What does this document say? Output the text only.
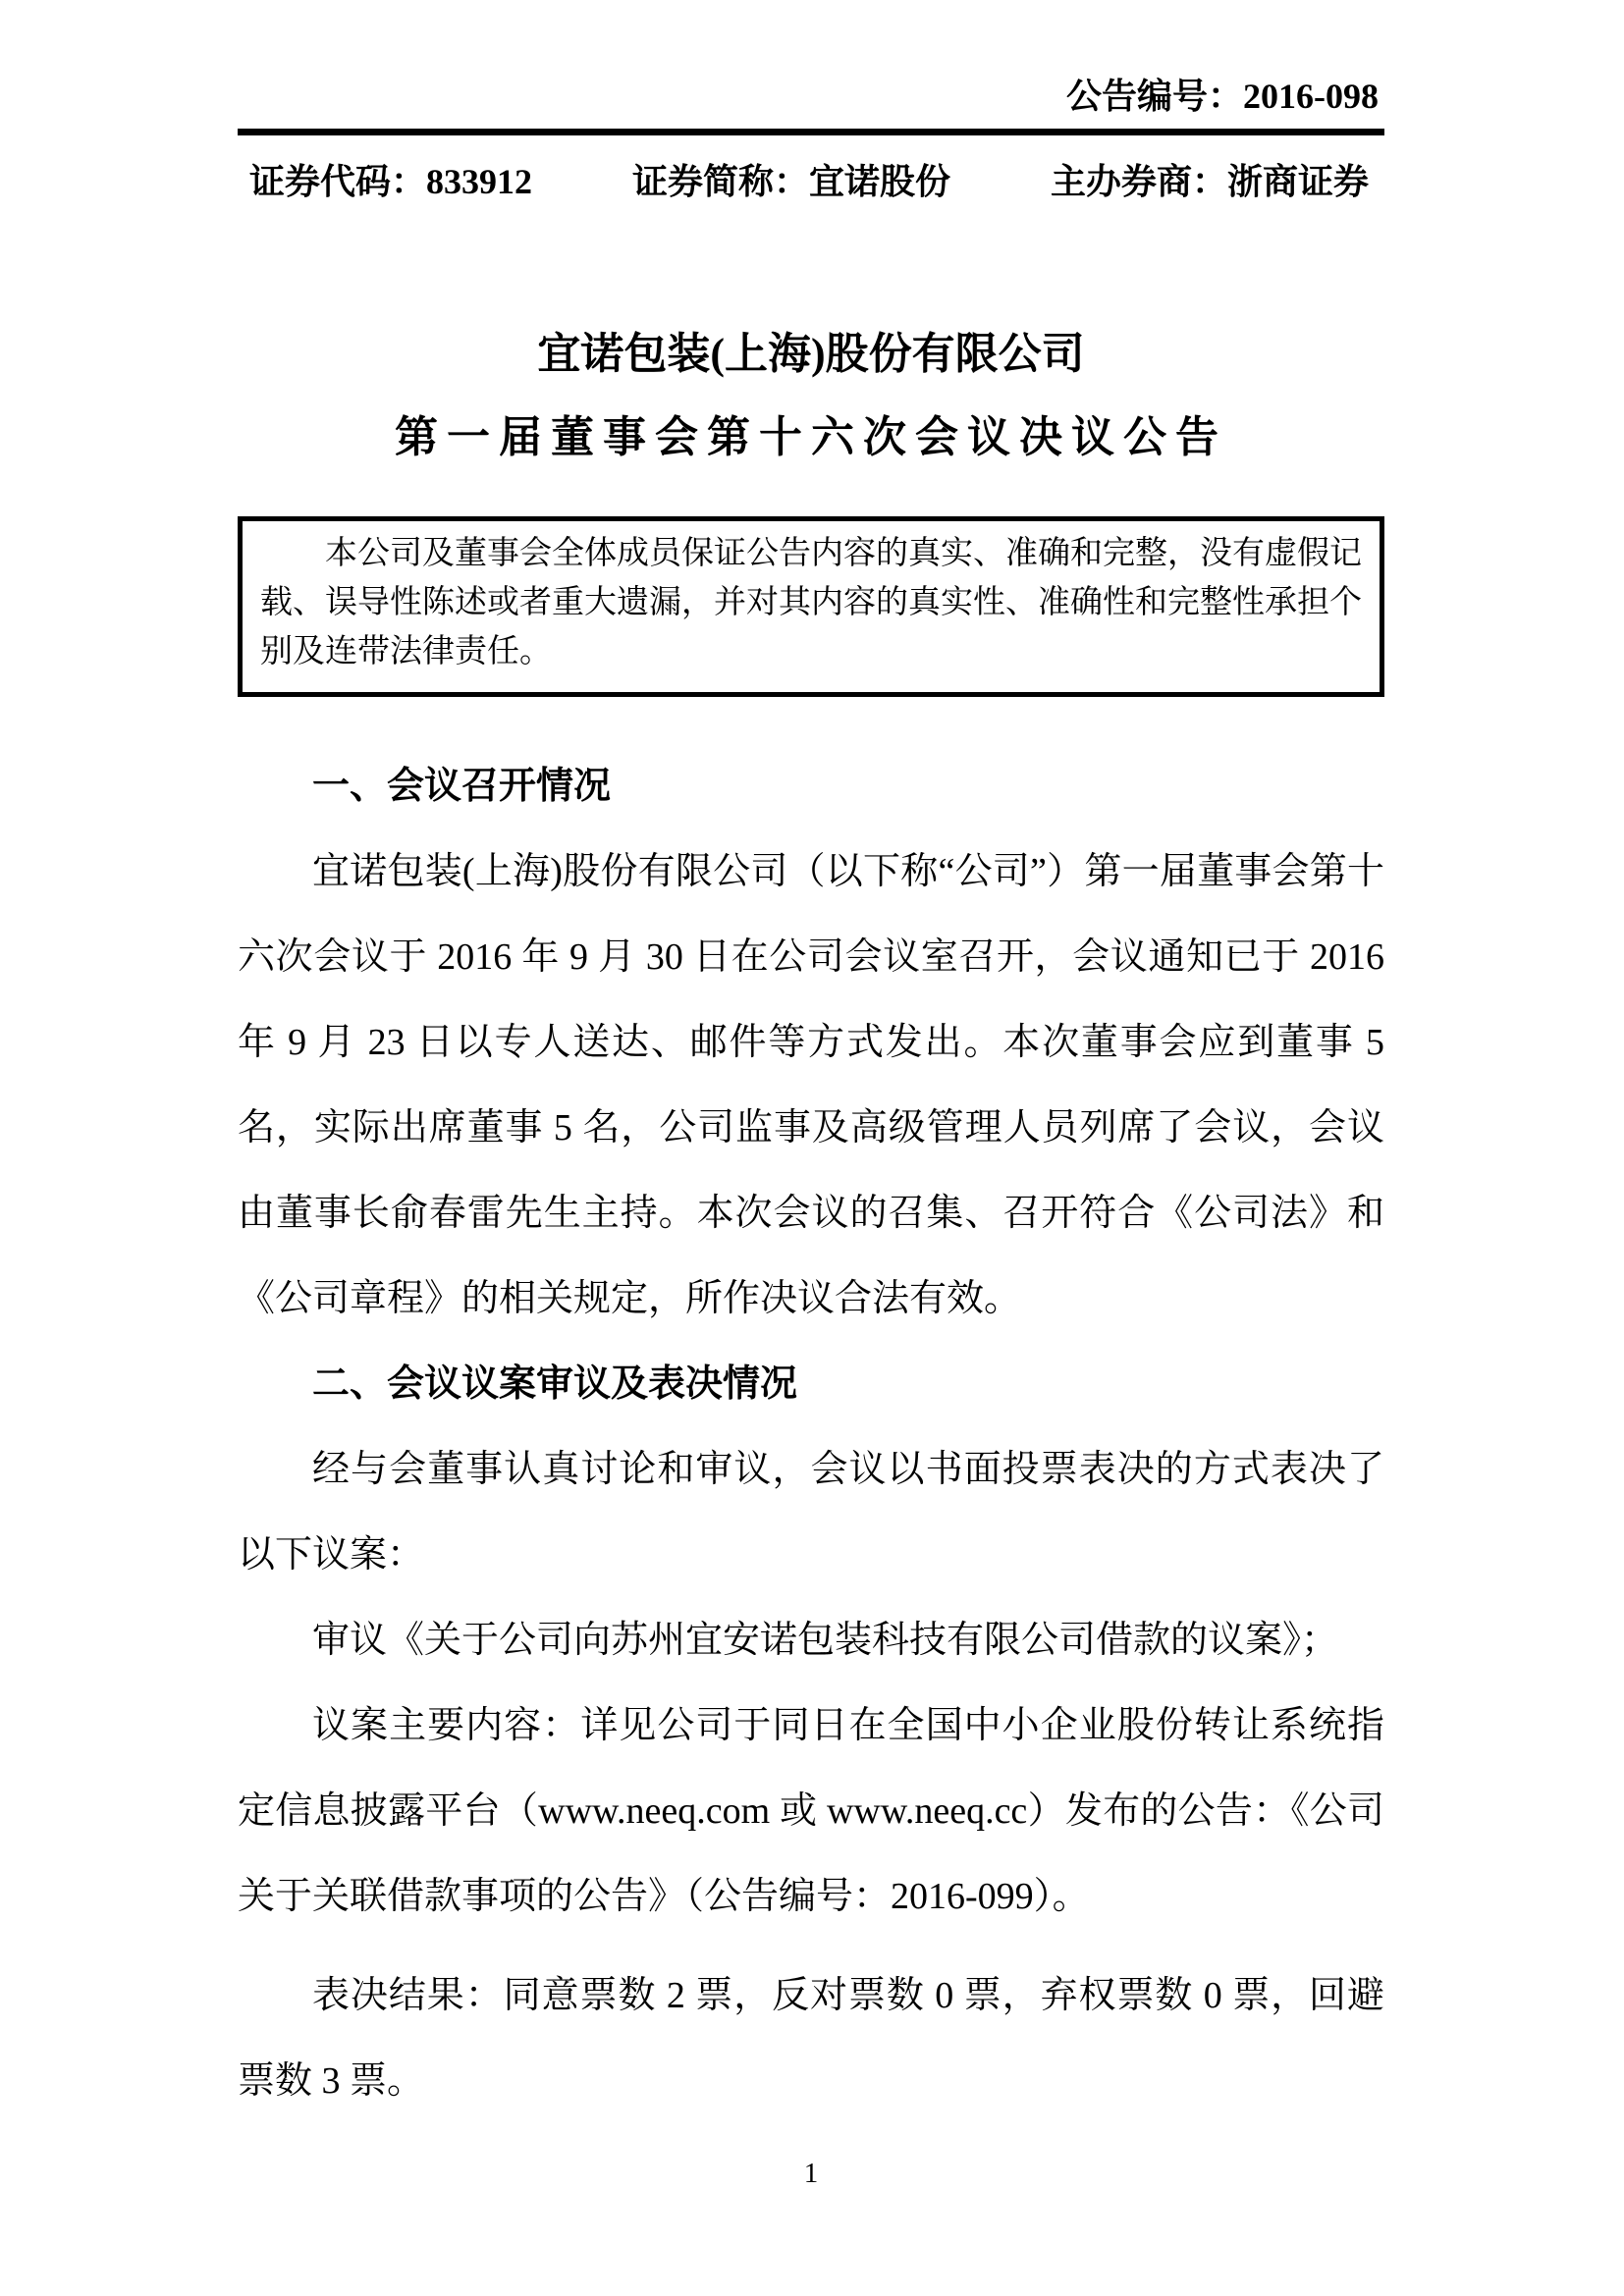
公告编号：2016-098
证券代码：833912	证券简称：宜诺股份	主办券商：浙商证券
宜诺包装(上海)股份有限公司
第一届董事会第十六次会议决议公告
本公司及董事会全体成员保证公告内容的真实、准确和完整，没有虚假记载、误导性陈述或者重大遗漏，并对其内容的真实性、准确性和完整性承担个别及连带法律责任。
一、会议召开情况

宜诺包装(上海)股份有限公司（以下称“公司”）第一届董事会第十六次会议于 2016 年 9 月 30 日在公司会议室召开，会议通知已于 2016 年 9 月 23 日以专人送达、邮件等方式发出。本次董事会应到董事 5 名，实际出席董事 5 名，公司监事及高级管理人员列席了会议，会议由董事长俞春雷先生主持。本次会议的召集、召开符合《公司法》和《公司章程》的相关规定，所作决议合法有效。

二、会议议案审议及表决情况

经与会董事认真讨论和审议，会议以书面投票表决的方式表决了以下议案：

审议《关于公司向苏州宜安诺包装科技有限公司借款的议案》；

议案主要内容：详见公司于同日在全国中小企业股份转让系统指定信息披露平台（www.neeq.com 或 www.neeq.cc）发布的公告：《公司关于关联借款事项的公告》（公告编号：2016-099）。

表决结果：同意票数 2 票，反对票数 0 票，弃权票数 0 票，回避票数 3 票。

1
